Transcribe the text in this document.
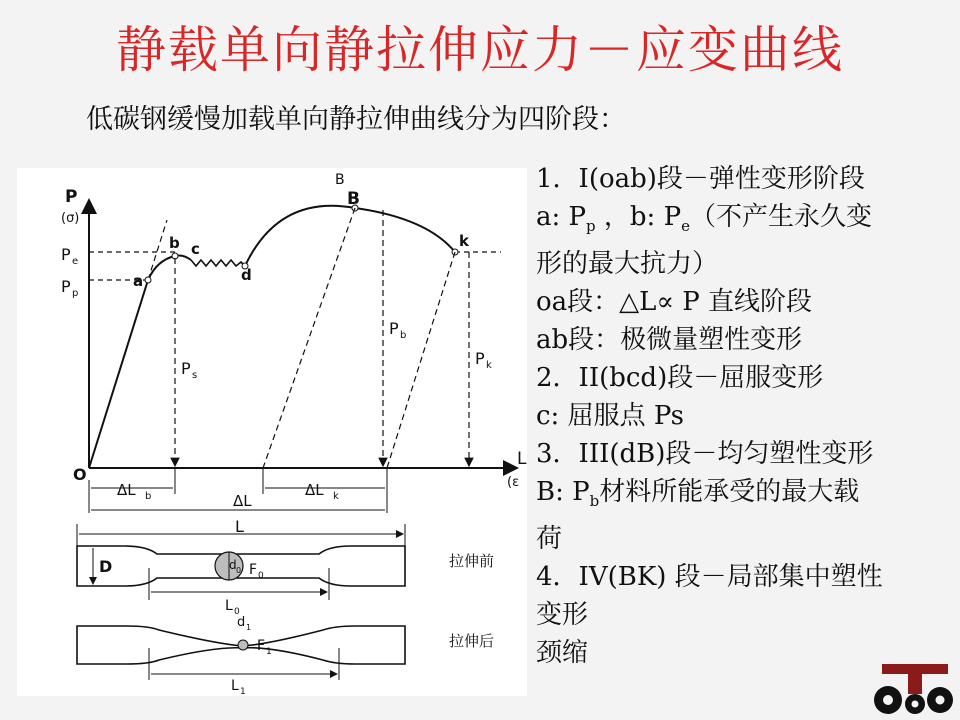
静载单向静拉伸应力－应变曲线
低碳钢缓慢加载单向静拉伸曲线分为四阶段：
P
(σ)
L
(ε
O
P e
P p
a
b c
d
B
B
k
P s
P b
P k
ΔL b	ΔL k
ΔL
L
D	d 0 F 0
L 0
拉伸前
d 1
F 1
L 1
拉伸后
1．I(oab)段－弹性变形阶段
a: $P_p$ ，b: $P_e$（不产生永久变
形的最大抗力）
oa段：△L∝ P 直线阶段
ab段：极微量塑性变形
2．II(bcd)段－屈服变形
c: 屈服点 Ps
3．III(dB)段－均匀塑性变形
B: $P_b$材料所能承受的最大载
荷
4．IV(BK) 段－局部集中塑性
变形
颈缩
